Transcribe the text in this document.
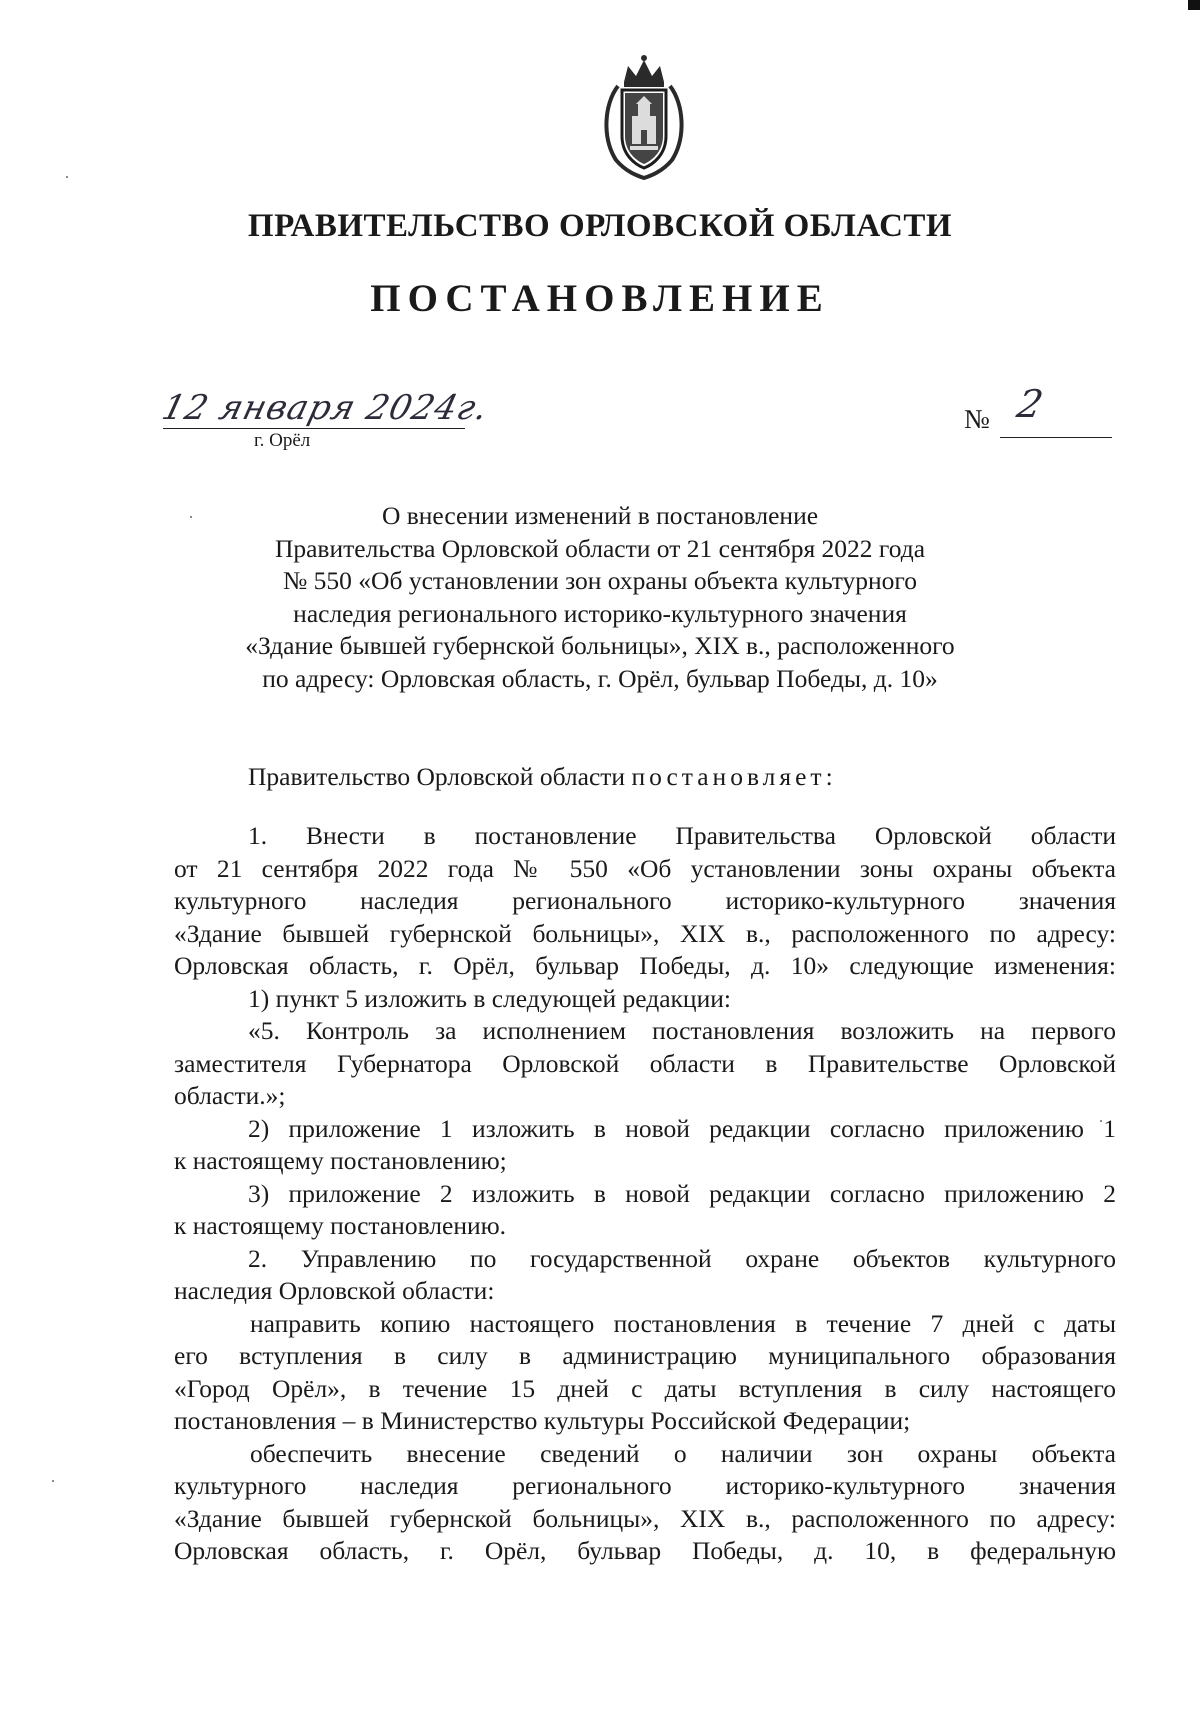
ПРАВИТЕЛЬСТВО ОРЛОВСКОЙ ОБЛАСТИ
ПОСТАНОВЛЕНИЕ
12 января 2024г.
г. Орёл
№ 2
О внесении изменений в постановление
Правительства Орловской области от 21 сентября 2022 года
№ 550 «Об установлении зон охраны объекта культурного
наследия регионального историко-культурного значения
«Здание бывшей губернской больницы», XIX в., расположенного
по адресу: Орловская область, г. Орёл, бульвар Победы, д. 10»
Правительство Орловской области постановляет:
1. Внести в постановление Правительства Орловской области
от 21 сентября 2022 года № 550 «Об установлении зоны охраны объекта
культурного наследия регионального историко-культурного значения
«Здание бывшей губернской больницы», XIX в., расположенного по адресу:
Орловская область, г. Орёл, бульвар Победы, д. 10» следующие изменения:
1) пункт 5 изложить в следующей редакции:
«5. Контроль за исполнением постановления возложить на первого
заместителя Губернатора Орловской области в Правительстве Орловской
области.»;
2) приложение 1 изложить в новой редакции согласно приложению 1
к настоящему постановлению;
3) приложение 2 изложить в новой редакции согласно приложению 2
к настоящему постановлению.
2. Управлению по государственной охране объектов культурного
наследия Орловской области:
направить копию настоящего постановления в течение 7 дней с даты
его вступления в силу в администрацию муниципального образования
«Город Орёл», в течение 15 дней с даты вступления в силу настоящего
постановления – в Министерство культуры Российской Федерации;
обеспечить внесение сведений о наличии зон охраны объекта
культурного наследия регионального историко-культурного значения
«Здание бывшей губернской больницы», XIX в., расположенного по адресу:
Орловская область, г. Орёл, бульвар Победы, д. 10, в федеральную
